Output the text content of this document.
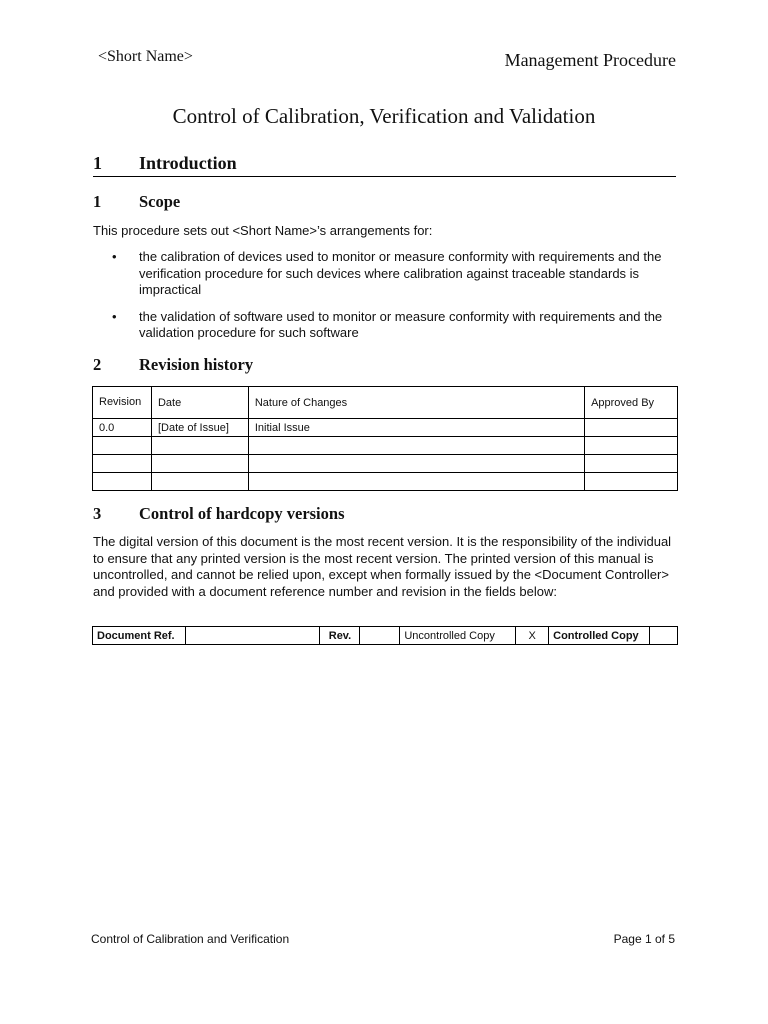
<Short Name>	Management Procedure
Control of Calibration, Verification and Validation
1 Introduction
1 Scope
This procedure sets out <Short Name>’s arrangements for:
• the calibration of devices used to monitor or measure conformity with requirements and the verification procedure for such devices where calibration against traceable standards is impractical
• the validation of software used to monitor or measure conformity with requirements and the validation procedure for such software
2 Revision history
Revision	Date	Nature of Changes	Approved By
0.0	[Date of Issue]	Initial Issue	

3 Control of hardcopy versions
The digital version of this document is the most recent version. It is the responsibility of the individual to ensure that any printed version is the most recent version. The printed version of this manual is uncontrolled, and cannot be relied upon, except when formally issued by the <Document Controller> and provided with a document reference number and revision in the fields below:
Document Ref.		Rev.		Uncontrolled Copy	X	Controlled Copy	
Control of Calibration and Verification	Page 1 of 5
